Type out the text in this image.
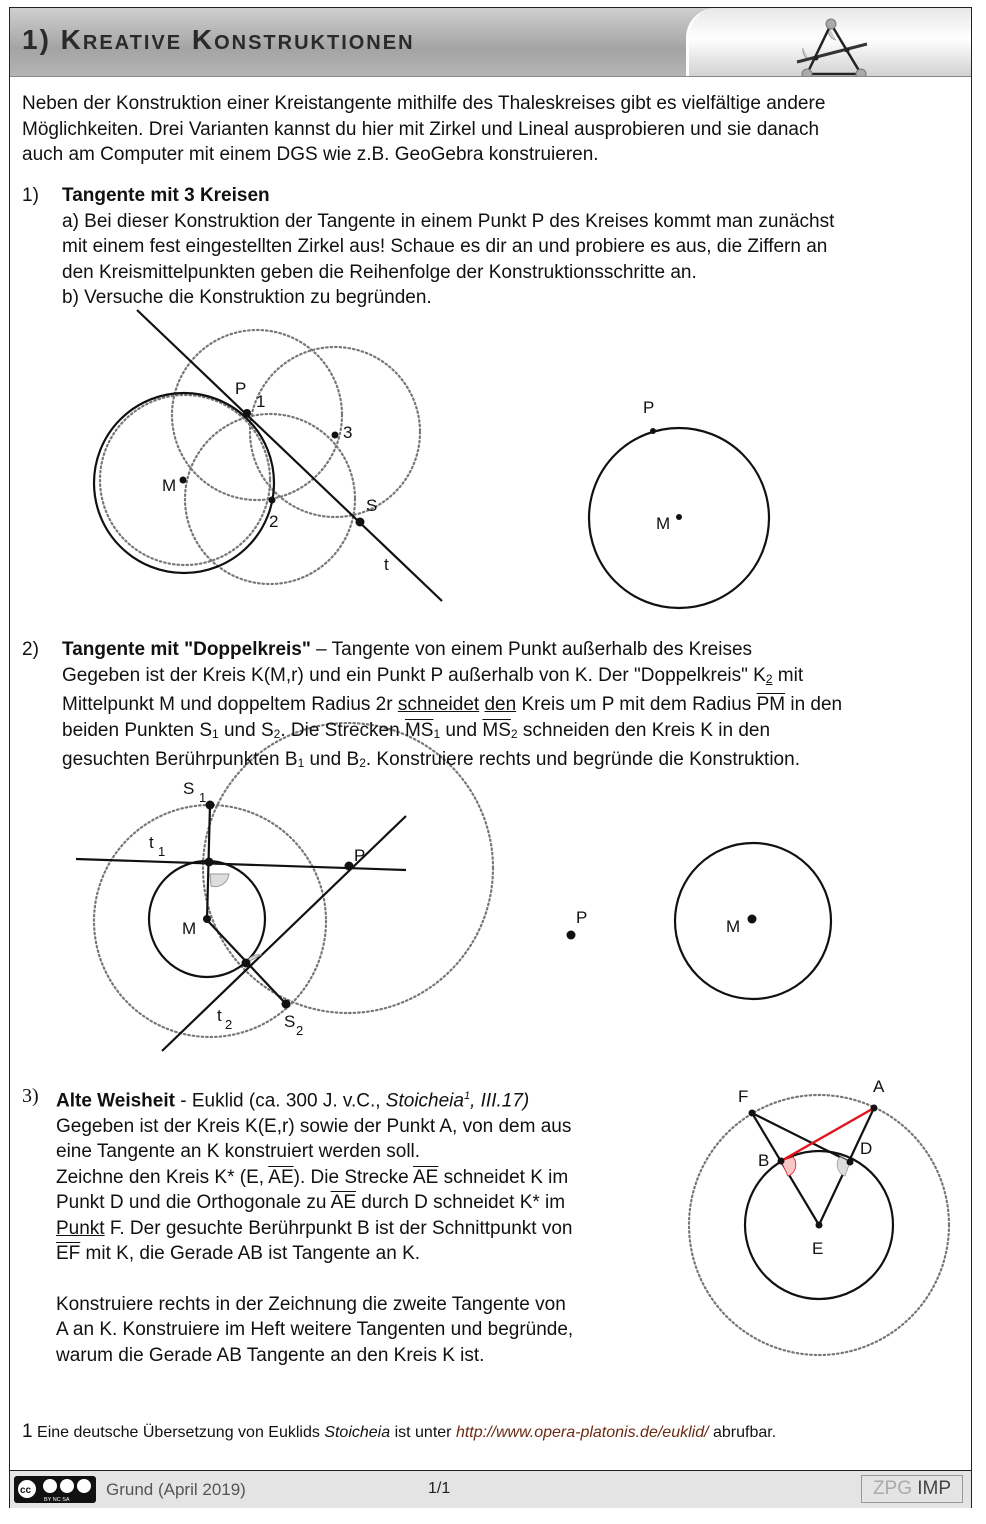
1) Kreative Konstruktionen
Neben der Konstruktion einer Kreistangente mithilfe des Thaleskreises gibt es vielfältige andere
Möglichkeiten. Drei Varianten kannst du hier mit Zirkel und Lineal ausprobieren und sie danach
auch am Computer mit einem DGS wie z.B. GeoGebra konstruieren.
1) Tangente mit 3 Kreisen
a) Bei dieser Konstruktion der Tangente in einem Punkt P des Kreises kommt man zunächst
mit einem fest eingestellten Zirkel aus! Schaue es dir an und probiere es aus, die Ziffern an
den Kreismittelpunkten geben die Reihenfolge der Konstruktionsschritte an.
b) Versuche die Konstruktion zu begründen.
P
1
M
2
3
S
t
P
M
S 1
t 1	P
M
t 2	S 2
P	M
F
A
B
D
E
2) Tangente mit "Doppelkreis" – Tangente von einem Punkt außerhalb des Kreises
Gegeben ist der Kreis K(M,r) und ein Punkt P außerhalb von K. Der "Doppelkreis" $K_2$ mit
Mittelpunkt M und doppeltem Radius 2r schneidet den Kreis um P mit dem Radius $\overline{PM}$ in den
beiden Punkten $S_1$ und $S_2$. Die Strecken $\overline{MS}_1$ und $\overline{MS}_2$ schneiden den Kreis K in den
gesuchten Berührpunkten $B_1$ und $B_2$. Konstruiere rechts und begründe die Konstruktion.
3) Alte Weisheit - Euklid (ca. 300 J. v.C., Stoicheia$^1$, III.17)
Gegeben ist der Kreis K(E,r) sowie der Punkt A, von dem aus
eine Tangente an K konstruiert werden soll.
Zeichne den Kreis K* (E, $\overline{AE}$). Die Strecke $\overline{AE}$ schneidet K im
Punkt D und die Orthogonale zu $\overline{AE}$ durch D schneidet K* im
Punkt F. Der gesuchte Berührpunkt B ist der Schnittpunkt von
$\overline{EF}$ mit K, die Gerade AB ist Tangente an K.
Konstruiere rechts in der Zeichnung die zweite Tangente von
A an K. Konstruiere im Heft weitere Tangenten und begründe,
warum die Gerade AB Tangente an den Kreis K ist.
1 Eine deutsche Übersetzung von Euklids Stoicheia ist unter http://www.opera-platonis.de/euklid/ abrufbar.
cc
BY NC SA
Grund (April 2019)	1/1	ZPG IMP
